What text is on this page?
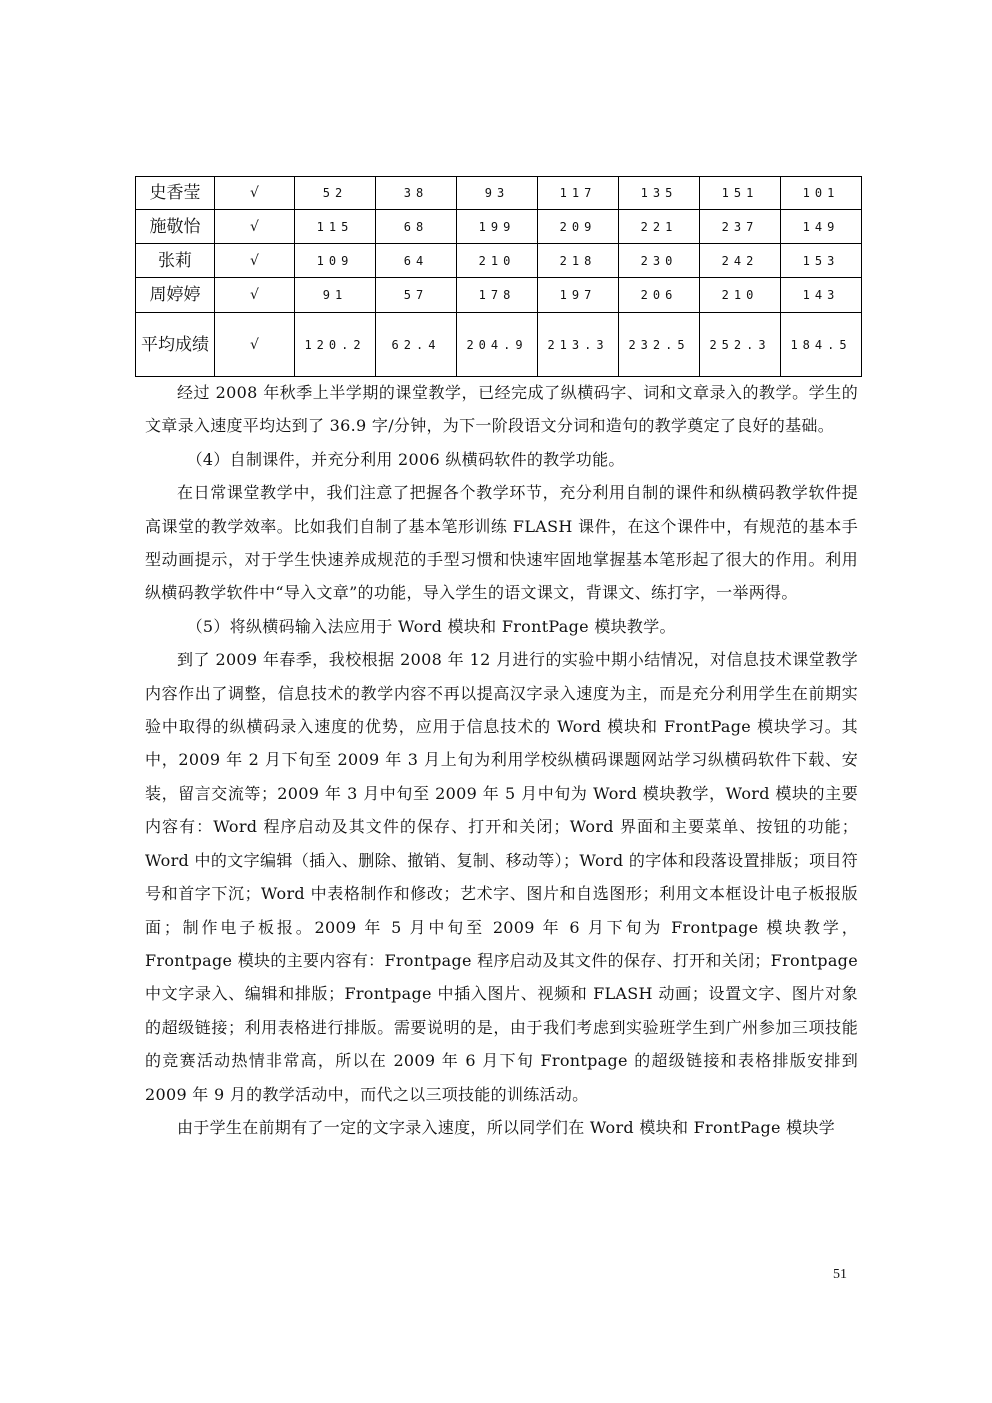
史香莹	√	52	38	93	117	135	151	101
施敬怡	√	115	68	199	209	221	237	149
张莉	√	109	64	210	218	230	242	153
周婷婷	√	91	57	178	197	206	210	143
平均成绩	√	120.2	62.4	204.9	213.3	232.5	252.3	184.5

经过 2008 年秋季上半学期的课堂教学，已经完成了纵横码字、词和文章录入的教学。学生的文章录入速度平均达到了 36.9 字/分钟，为下一阶段语文分词和造句的教学奠定了良好的基础。

（4）自制课件，并充分利用 2006 纵横码软件的教学功能。

在日常课堂教学中，我们注意了把握各个教学环节，充分利用自制的课件和纵横码教学软件提高课堂的教学效率。比如我们自制了基本笔形训练 FLASH 课件，在这个课件中，有规范的基本手型动画提示，对于学生快速养成规范的手型习惯和快速牢固地掌握基本笔形起了很大的作用。利用纵横码教学软件中“导入文章”的功能，导入学生的语文课文，背课文、练打字，一举两得。

（5）将纵横码输入法应用于 Word 模块和 FrontPage 模块教学。

到了 2009 年春季，我校根据 2008 年 12 月进行的实验中期小结情况，对信息技术课堂教学内容作出了调整，信息技术的教学内容不再以提高汉字录入速度为主，而是充分利用学生在前期实验中取得的纵横码录入速度的优势，应用于信息技术的 Word 模块和 FrontPage 模块学习。其中，2009 年 2 月下旬至 2009 年 3 月上旬为利用学校纵横码课题网站学习纵横码软件下载、安装，留言交流等；2009 年 3 月中旬至 2009 年 5 月中旬为 Word 模块教学，Word 模块的主要内容有：Word 程序启动及其文件的保存、打开和关闭；Word 界面和主要菜单、按钮的功能；Word 中的文字编辑（插入、删除、撤销、复制、移动等）；Word 的字体和段落设置排版；项目符号和首字下沉；Word 中表格制作和修改；艺术字、图片和自选图形；利用文本框设计电子板报版面；制作电子板报。2009 年 5 月中旬至 2009 年 6 月下旬为 Frontpage 模块教学，Frontpage 模块的主要内容有：Frontpage 程序启动及其文件的保存、打开和关闭；Frontpage 中文字录入、编辑和排版；Frontpage 中插入图片、视频和 FLASH 动画；设置文字、图片对象的超级链接；利用表格进行排版。需要说明的是，由于我们考虑到实验班学生到广州参加三项技能的竞赛活动热情非常高，所以在 2009 年 6 月下旬 Frontpage 的超级链接和表格排版安排到 2009 年 9 月的教学活动中，而代之以三项技能的训练活动。

由于学生在前期有了一定的文字录入速度，所以同学们在 Word 模块和 FrontPage 模块学

51
